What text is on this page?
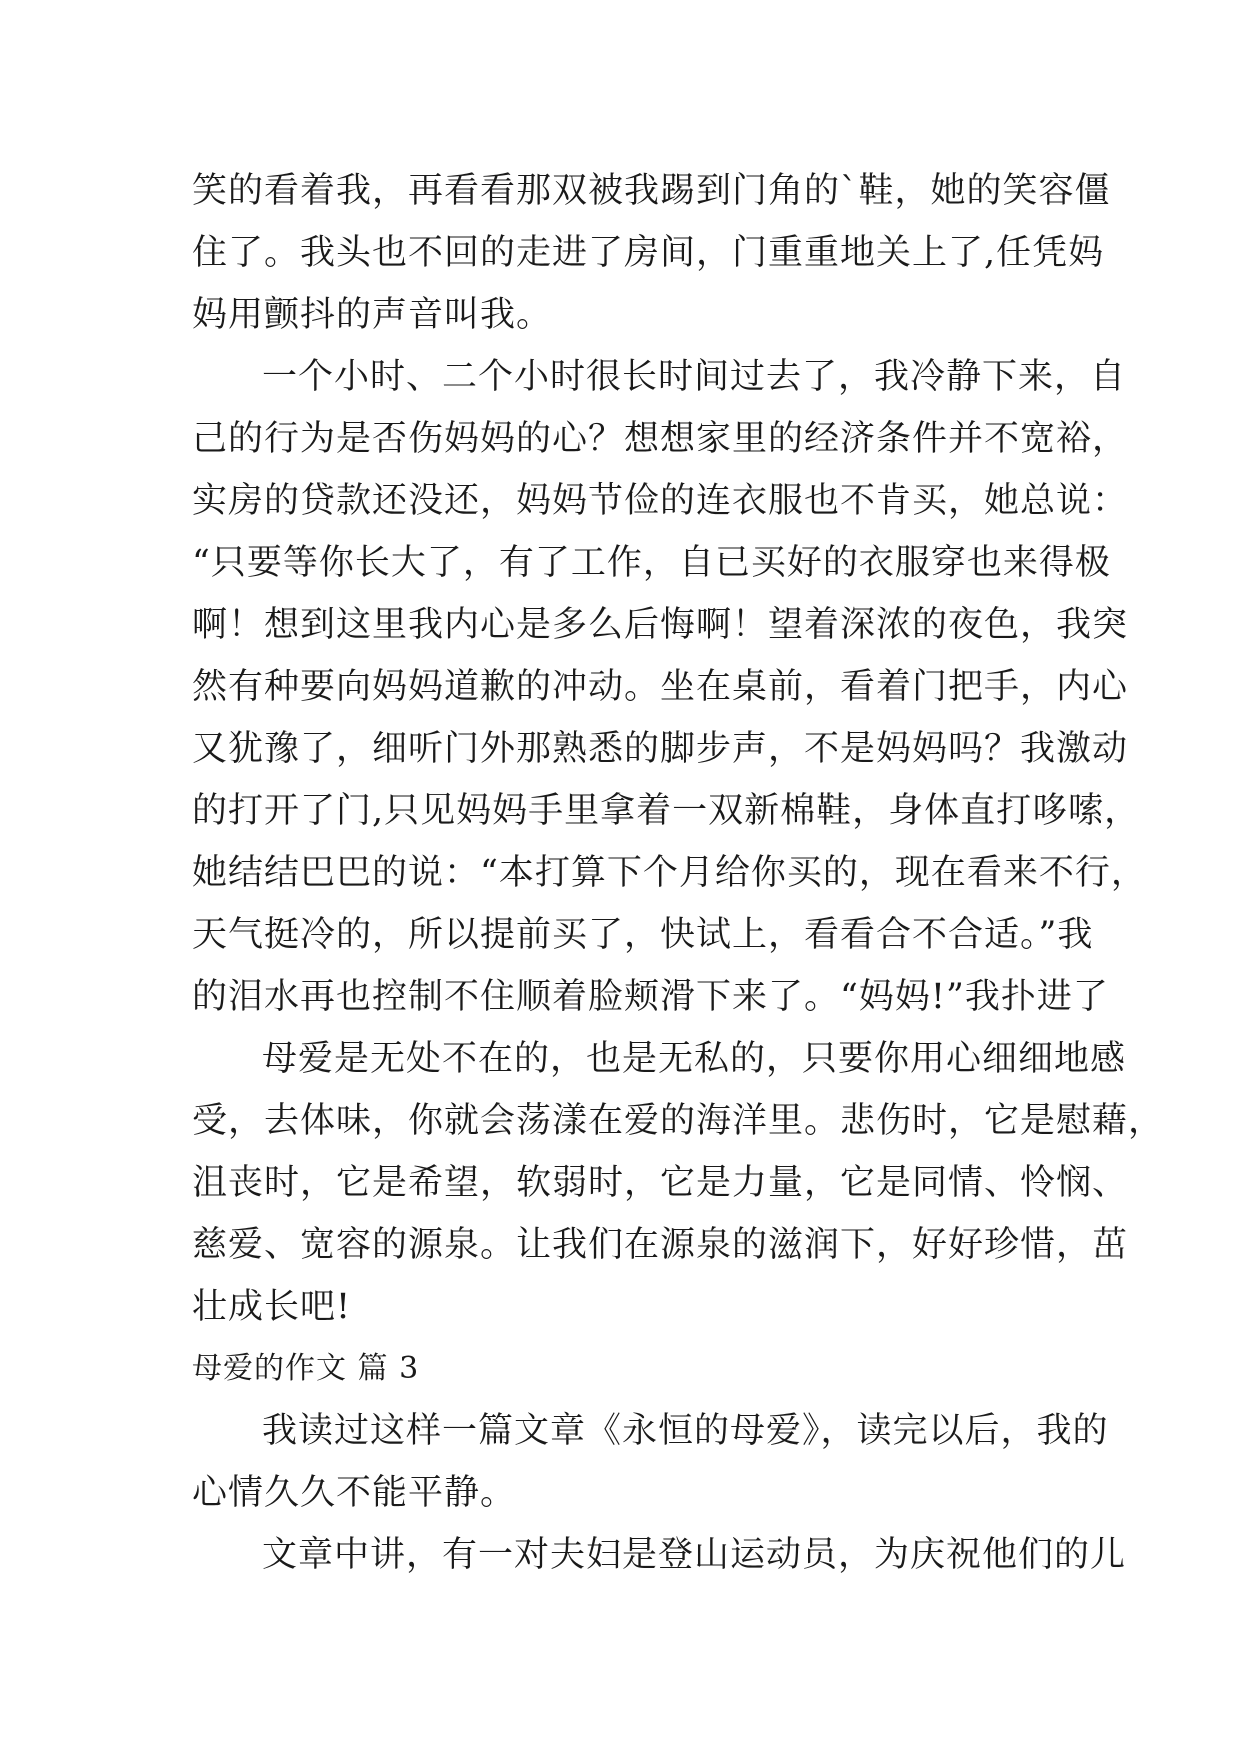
笑的看着我，再看看那双被我踢到门角的`鞋，她的笑容僵
住了。我头也不回的走进了房间，门重重地关上了,任凭妈
妈用颤抖的声音叫我。
一个小时、二个小时很长时间过去了，我冷静下来，自
己的行为是否伤妈妈的心？想想家里的经济条件并不宽裕，
实房的贷款还没还，妈妈节俭的连衣服也不肯买，她总说：
“只要等你长大了，有了工作，自已买好的衣服穿也来得极
啊！想到这里我内心是多么后悔啊！望着深浓的夜色，我突
然有种要向妈妈道歉的冲动。坐在桌前，看着门把手，内心
又犹豫了，细听门外那熟悉的脚步声，不是妈妈吗？我激动
的打开了门,只见妈妈手里拿着一双新棉鞋，身体直打哆嗦，
她结结巴巴的说：“本打算下个月给你买的，现在看来不行，
天气挺冷的，所以提前买了，快试上，看看合不合适。”我
的泪水再也控制不住顺着脸颊滑下来了。“妈妈!”我扑进了
母爱是无处不在的，也是无私的，只要你用心细细地感
受，去体味，你就会荡漾在爱的海洋里。悲伤时，它是慰藉，
沮丧时，它是希望，软弱时，它是力量，它是同情、怜悯、
慈爱、宽容的源泉。让我们在源泉的滋润下，好好珍惜，茁
壮成长吧!
母爱的作文 篇 3
我读过这样一篇文章《永恒的母爱》，读完以后，我的
心情久久不能平静。
文章中讲，有一对夫妇是登山运动员，为庆祝他们的儿
